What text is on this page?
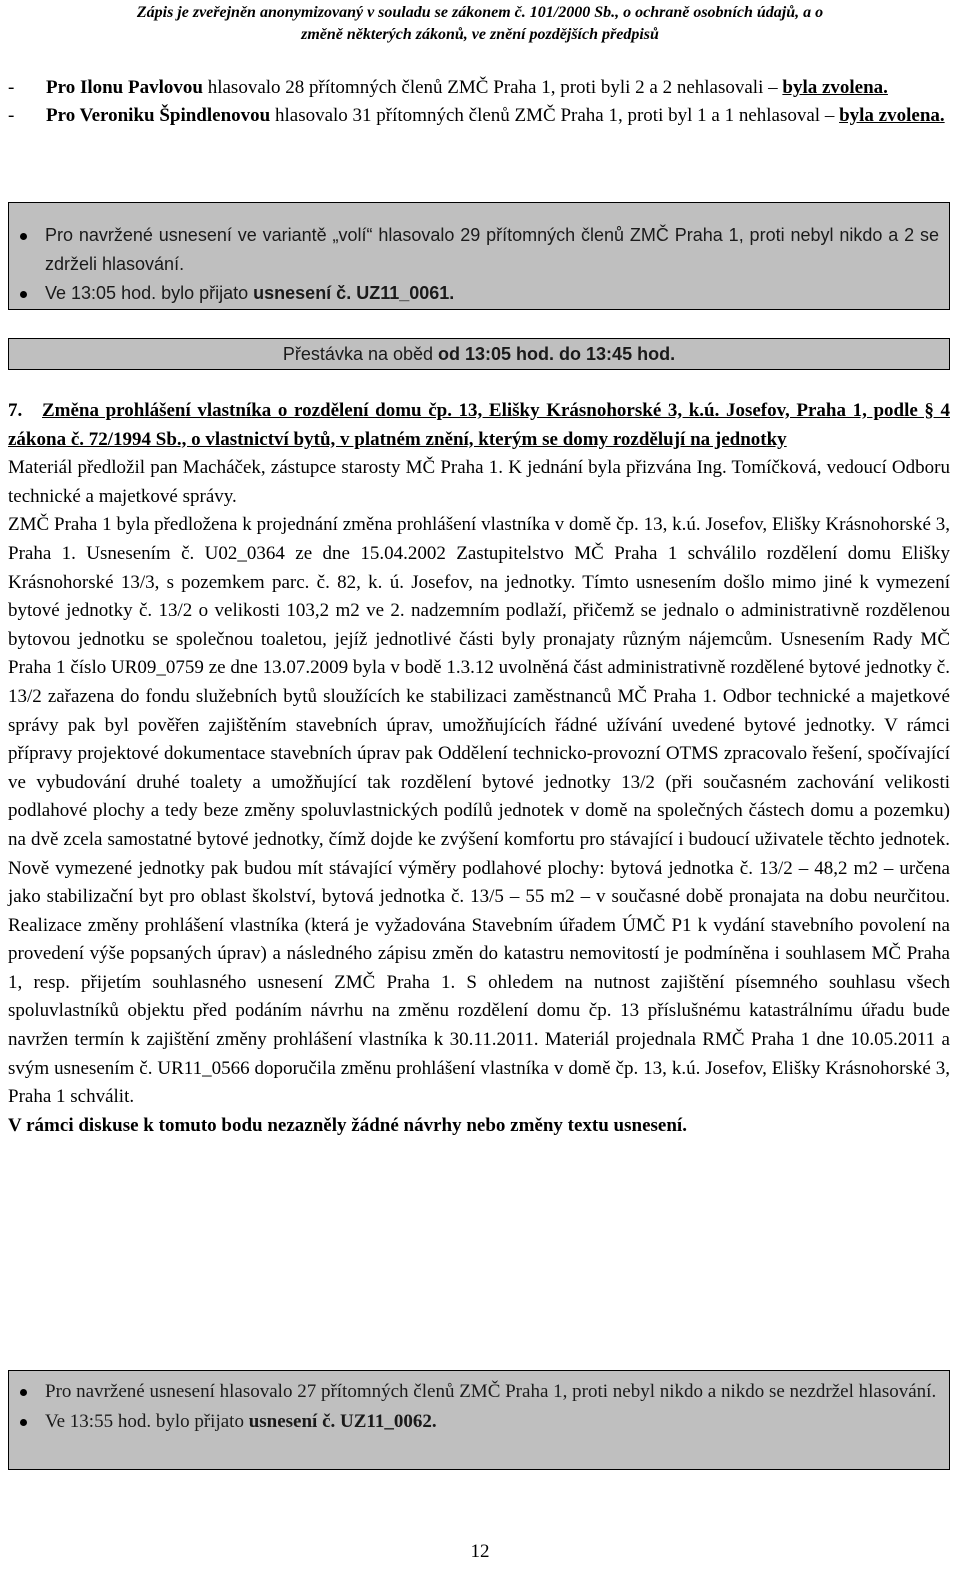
Zápis je zveřejněn anonymizovaný v souladu se zákonem č. 101/2000 Sb., o ochraně osobních údajů, a o
změně některých zákonů, ve znění pozdějších předpisů
-	Pro Ilonu Pavlovou hlasovalo 28 přítomných členů ZMČ Praha 1, proti byli 2 a 2 nehlasovali – byla zvolena.
-	Pro Veroniku Špindlenovou hlasovalo 31 přítomných členů ZMČ Praha 1, proti byl 1 a 1 nehlasoval – byla zvolena.
Pro navržené usnesení ve variantě „volí“ hlasovalo 29 přítomných členů ZMČ Praha 1, proti nebyl nikdo a 2 se zdrželi hlasování.
Ve 13:05 hod. bylo přijato usnesení č. UZ11_0061.
Přestávka na oběd od 13:05 hod. do 13:45 hod.
7. Změna prohlášení vlastníka o rozdělení domu čp. 13, Elišky Krásnohorské 3, k.ú. Josefov, Praha 1, podle § 4 zákona č. 72/1994 Sb., o vlastnictví bytů, v platném znění, kterým se domy rozdělují na jednotky
Materiál předložil pan Macháček, zástupce starosty MČ Praha 1. K jednání byla přizvána Ing. Tomíčková, vedoucí Odboru technické a majetkové správy.
ZMČ Praha 1 byla předložena k projednání změna prohlášení vlastníka v domě čp. 13, k.ú. Josefov, Elišky Krásnohorské 3, Praha 1. Usnesením č. U02_0364 ze dne 15.04.2002 Zastupitelstvo MČ Praha 1 schválilo rozdělení domu Elišky Krásnohorské 13/3, s pozemkem parc. č. 82, k. ú. Josefov, na jednotky. Tímto usnesením došlo mimo jiné k vymezení bytové jednotky č. 13/2 o velikosti 103,2 m2 ve 2. nadzemním podlaží, přičemž se jednalo o administrativně rozdělenou bytovou jednotku se společnou toaletou, jejíž jednotlivé části byly pronajaty různým nájemcům. Usnesením Rady MČ Praha 1 číslo UR09_0759 ze dne 13.07.2009 byla v bodě 1.3.12 uvolněná část administrativně rozdělené bytové jednotky č. 13/2 zařazena do fondu služebních bytů sloužících ke stabilizaci zaměstnanců MČ Praha 1. Odbor technické a majetkové správy pak byl pověřen zajištěním stavebních úprav, umožňujících řádné užívání uvedené bytové jednotky. V rámci přípravy projektové dokumentace stavebních úprav pak Oddělení technicko-provozní OTMS zpracovalo řešení, spočívající ve vybudování druhé toalety a umožňující tak rozdělení bytové jednotky 13/2 (při současném zachování velikosti podlahové plochy a tedy beze změny spoluvlastnických podílů jednotek v domě na společných částech domu a pozemku) na dvě zcela samostatné bytové jednotky, čímž dojde ke zvýšení komfortu pro stávající i budoucí uživatele těchto jednotek. Nově vymezené jednotky pak budou mít stávající výměry podlahové plochy: bytová jednotka č. 13/2 – 48,2 m2 – určena jako stabilizační byt pro oblast školství, bytová jednotka č. 13/5 – 55 m2 – v současné době pronajata na dobu neurčitou. Realizace změny prohlášení vlastníka (která je vyžadována Stavebním úřadem ÚMČ P1 k vydání stavebního povolení na provedení výše popsaných úprav) a následného zápisu změn do katastru nemovitostí je podmíněna i souhlasem MČ Praha 1, resp. přijetím souhlasného usnesení ZMČ Praha 1. S ohledem na nutnost zajištění písemného souhlasu všech spoluvlastníků objektu před podáním návrhu na změnu rozdělení domu čp. 13 příslušnému katastrálnímu úřadu bude navržen termín k zajištění změny prohlášení vlastníka k 30.11.2011. Materiál projednala RMČ Praha 1 dne 10.05.2011 a svým usnesením č. UR11_0566 doporučila změnu prohlášení vlastníka v domě čp. 13, k.ú. Josefov, Elišky Krásnohorské 3, Praha 1 schválit.
V rámci diskuse k tomuto bodu nezazněly žádné návrhy nebo změny textu usnesení.
Pro navržené usnesení hlasovalo 27 přítomných členů ZMČ Praha 1, proti nebyl nikdo a nikdo se nezdržel hlasování.
Ve 13:55 hod. bylo přijato usnesení č. UZ11_0062.
12
